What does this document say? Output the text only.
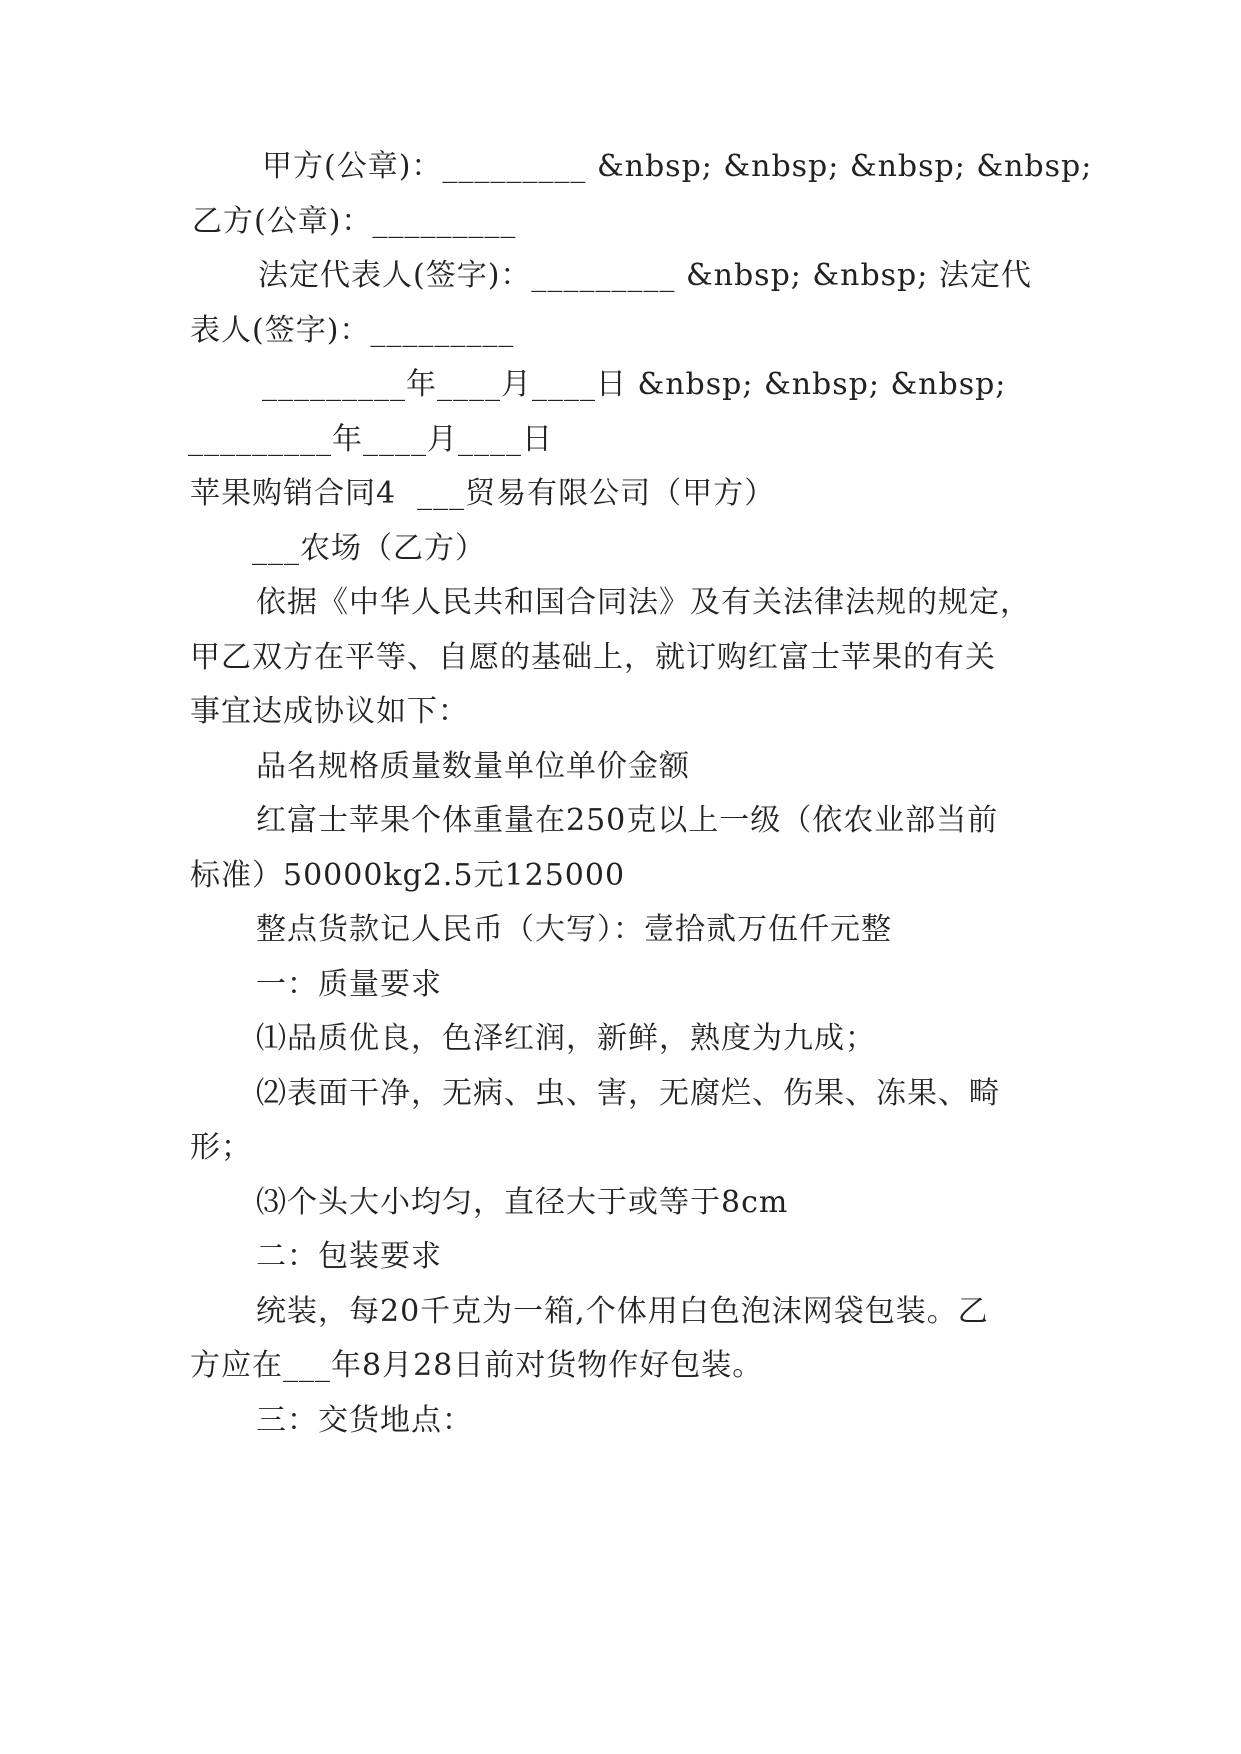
甲方(公章)：_________ &nbsp; &nbsp; &nbsp; &nbsp;
乙方(公章)：_________
法定代表人(签字)：_________ &nbsp; &nbsp; 法定代
表人(签字)：_________
_________年____月____日 &nbsp; &nbsp; &nbsp;
_________年____月____日
苹果购销合同4  ___贸易有限公司（甲方）
___农场（乙方）
依据《中华人民共和国合同法》及有关法律法规的规定，
甲乙双方在平等、自愿的基础上，就订购红富士苹果的有关
事宜达成协议如下：
品名规格质量数量单位单价金额
红富士苹果个体重量在250克以上一级（依农业部当前
标准）50000kg2.5元125000
整点货款记人民币（大写）：壹拾贰万伍仟元整
一：质量要求
⑴品质优良，色泽红润，新鲜，熟度为九成；
⑵表面干净，无病、虫、害，无腐烂、伤果、冻果、畸
形；
⑶个头大小均匀，直径大于或等于8cm
二：包装要求
统装，每20千克为一箱,个体用白色泡沫网袋包装。乙
方应在___年8月28日前对货物作好包装。
三：交货地点：
